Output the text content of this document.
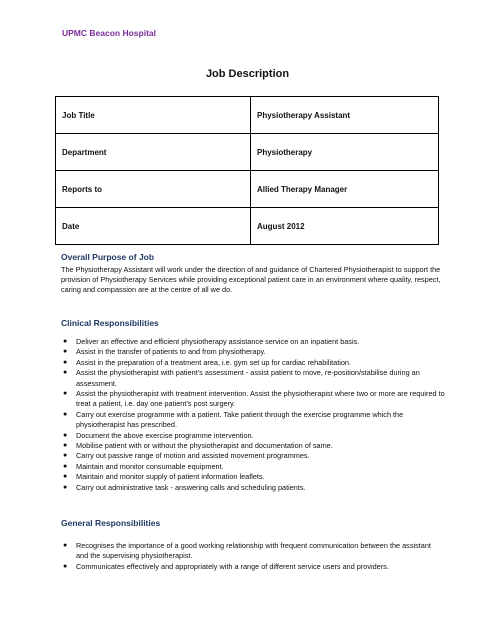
UPMC Beacon Hospital
Job Description
Job Title	Physiotherapy Assistant
Department	Physiotherapy
Reports to	Allied Therapy Manager
Date	August 2012
Overall Purpose of Job
The Physiotherapy Assistant will work under the direction of and guidance of Chartered Physiotherapist to support the provision of Physiotherapy Services while providing exceptional patient care in an environment where quality, respect, caring and compassion are at the centre of all we do.
Clinical Responsibilities
● Deliver an effective and efficient physiotherapy assistance service on an inpatient basis.
● Assist in the transfer of patients to and from physiotherapy.
● Assist in the preparation of a treatment area, i.e. gym set up for cardiac rehabilitation.
● Assist the physiotherapist with patient’s assessment - assist patient to move, re-position/stabilise during an assessment.
● Assist the physiotherapist with treatment intervention. Assist the physiotherapist where two or more are required to treat a patient, i.e. day one patient’s post surgery.
● Carry out exercise programme with a patient. Take patient through the exercise programme which the physiotherapist has prescribed.
● Document the above exercise programme intervention.
● Mobilise patient with or without the physiotherapist and documentation of same.
● Carry out passive range of motion and assisted movement programmes.
● Maintain and monitor consumable equipment.
● Maintain and monitor supply of patient information leaflets.
● Carry out administrative task - answering calls and scheduling patients.
General Responsibilities
● Recognises the importance of a good working relationship with frequent communication between the assistant and the supervising physiotherapist.
● Communicates effectively and appropriately with a range of different service users and providers.
